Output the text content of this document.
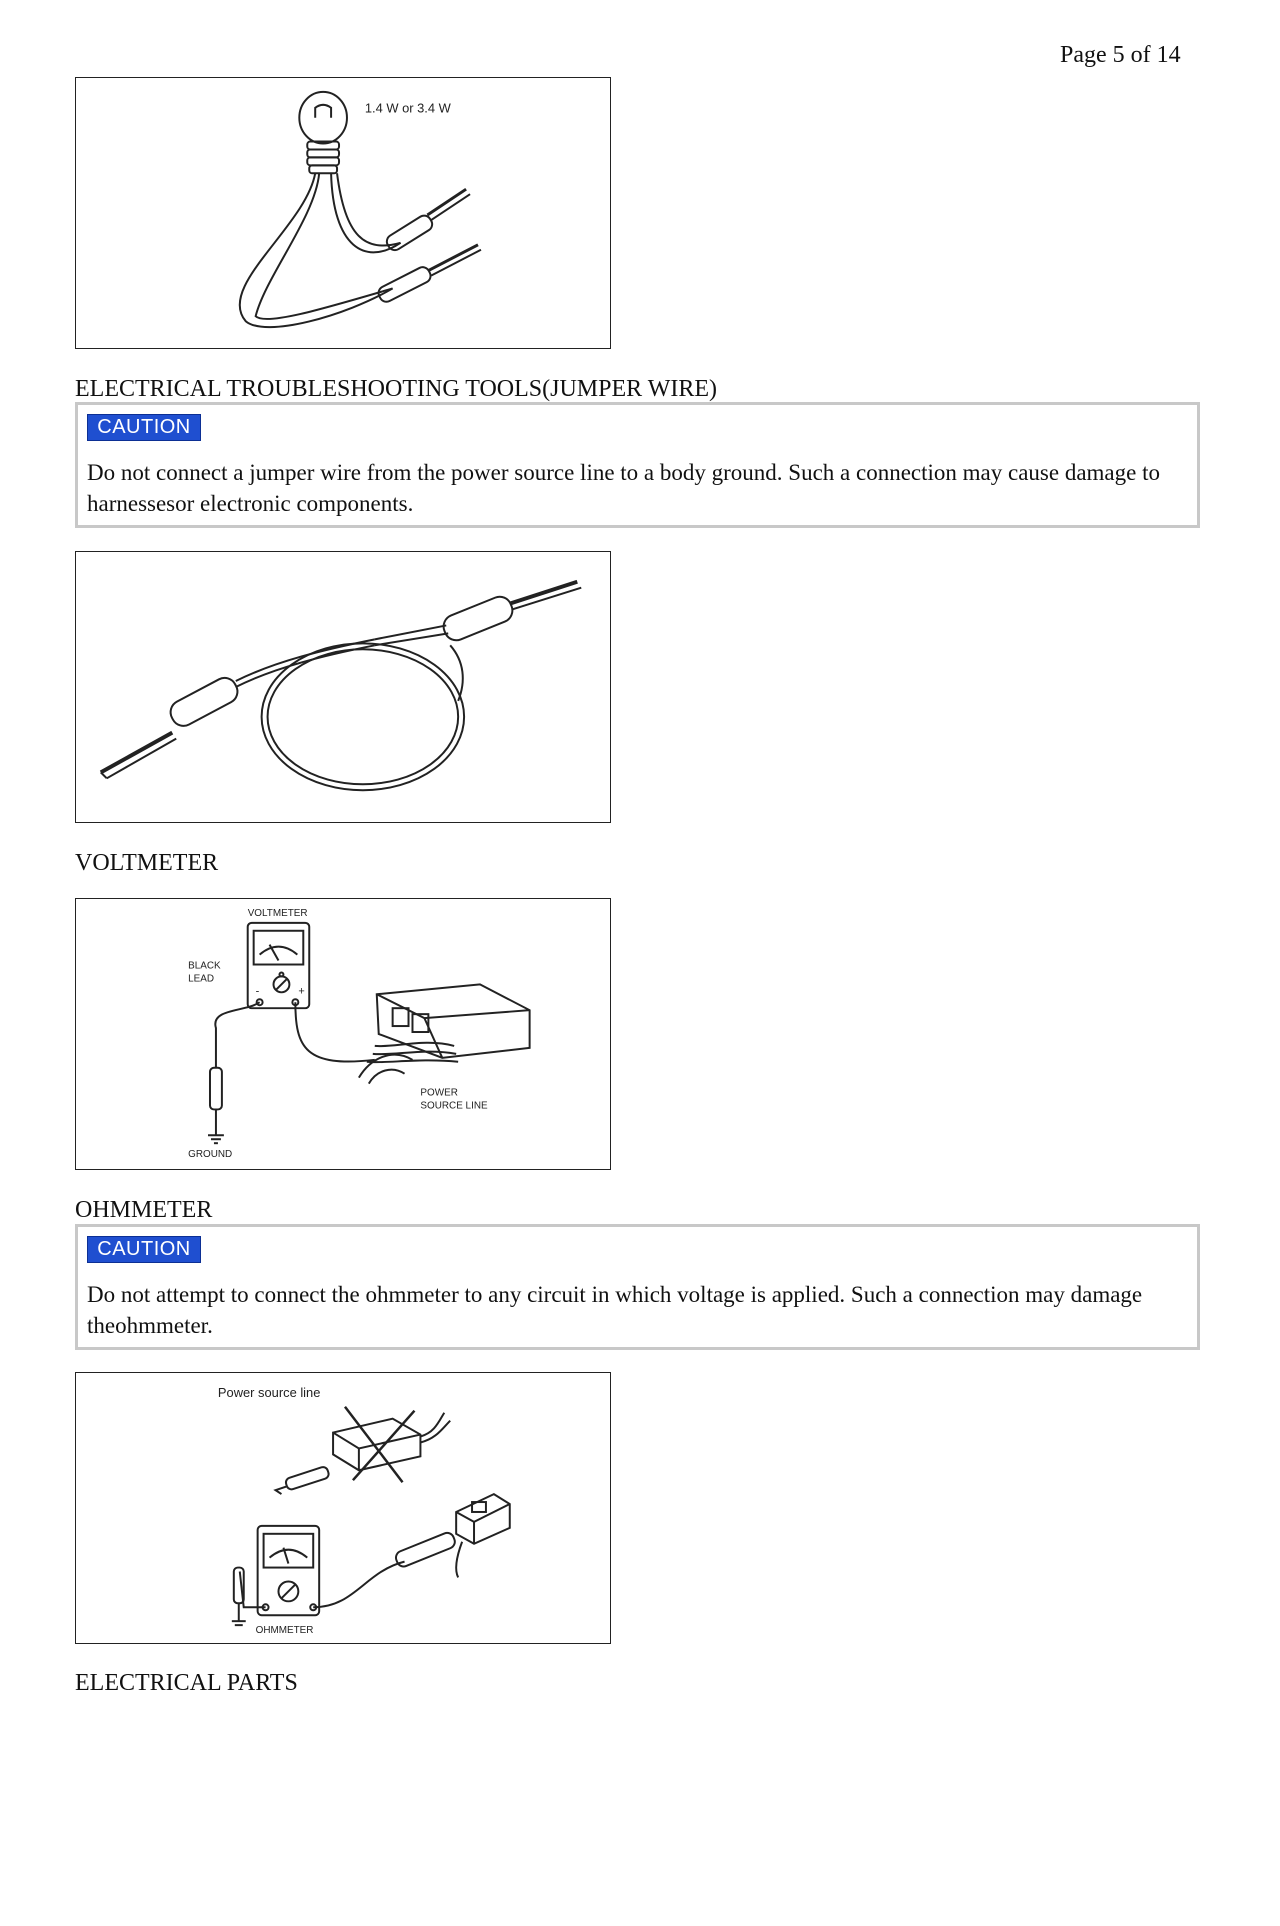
Page 5 of 14
1.4 W or 3.4 W
ELECTRICAL TROUBLESHOOTING TOOLS(JUMPER WIRE)
CAUTION
Do not connect a jumper wire from the power source line to a body ground. Such a connection may cause damage to harnessesor electronic components.
VOLTMETER
VOLTMETER
BLACK
LEAD
POWER
SOURCE LINE
GROUND
-	+
OHMMETER
CAUTION
Do not attempt to connect the ohmmeter to any circuit in which voltage is applied. Such a connection may damage theohmmeter.
Power source line
OHMMETER
ELECTRICAL PARTS
